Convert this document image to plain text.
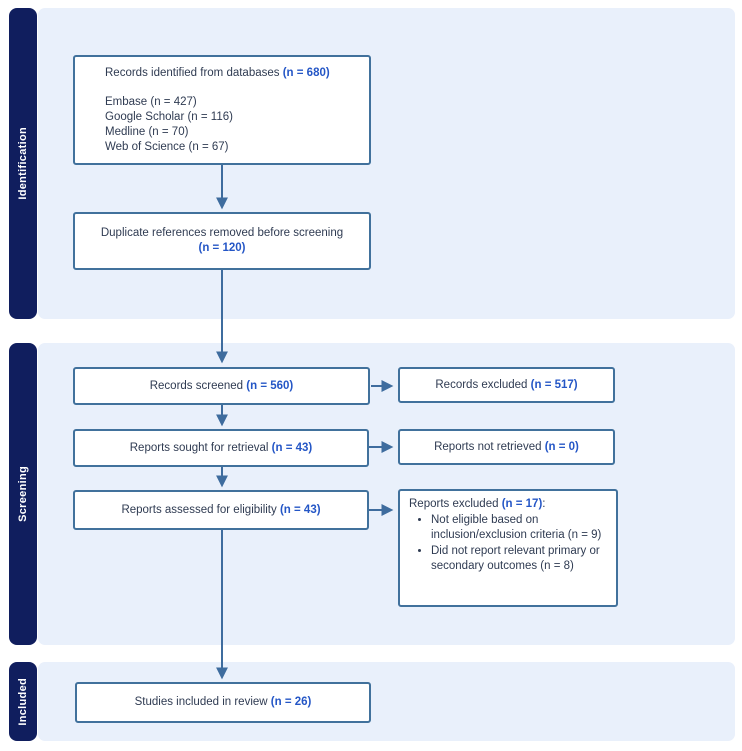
Identification
Screening
Included

Records identified from databases (n = 680)

Embase (n = 427)
Google Scholar (n = 116)
Medline (n = 70)
Web of Science (n = 67)
Duplicate references removed before screening
(n = 120)
Records screened (n = 560)	Records excluded (n = 517)
Reports sought for retrieval (n = 43)	Reports not retrieved (n = 0)
Reports assessed for eligibility (n = 43)	Reports excluded (n = 17):

• Not eligible based on inclusion/exclusion criteria (n = 9)
• Did not report relevant primary or secondary outcomes (n = 8)
Studies included in review (n = 26)
